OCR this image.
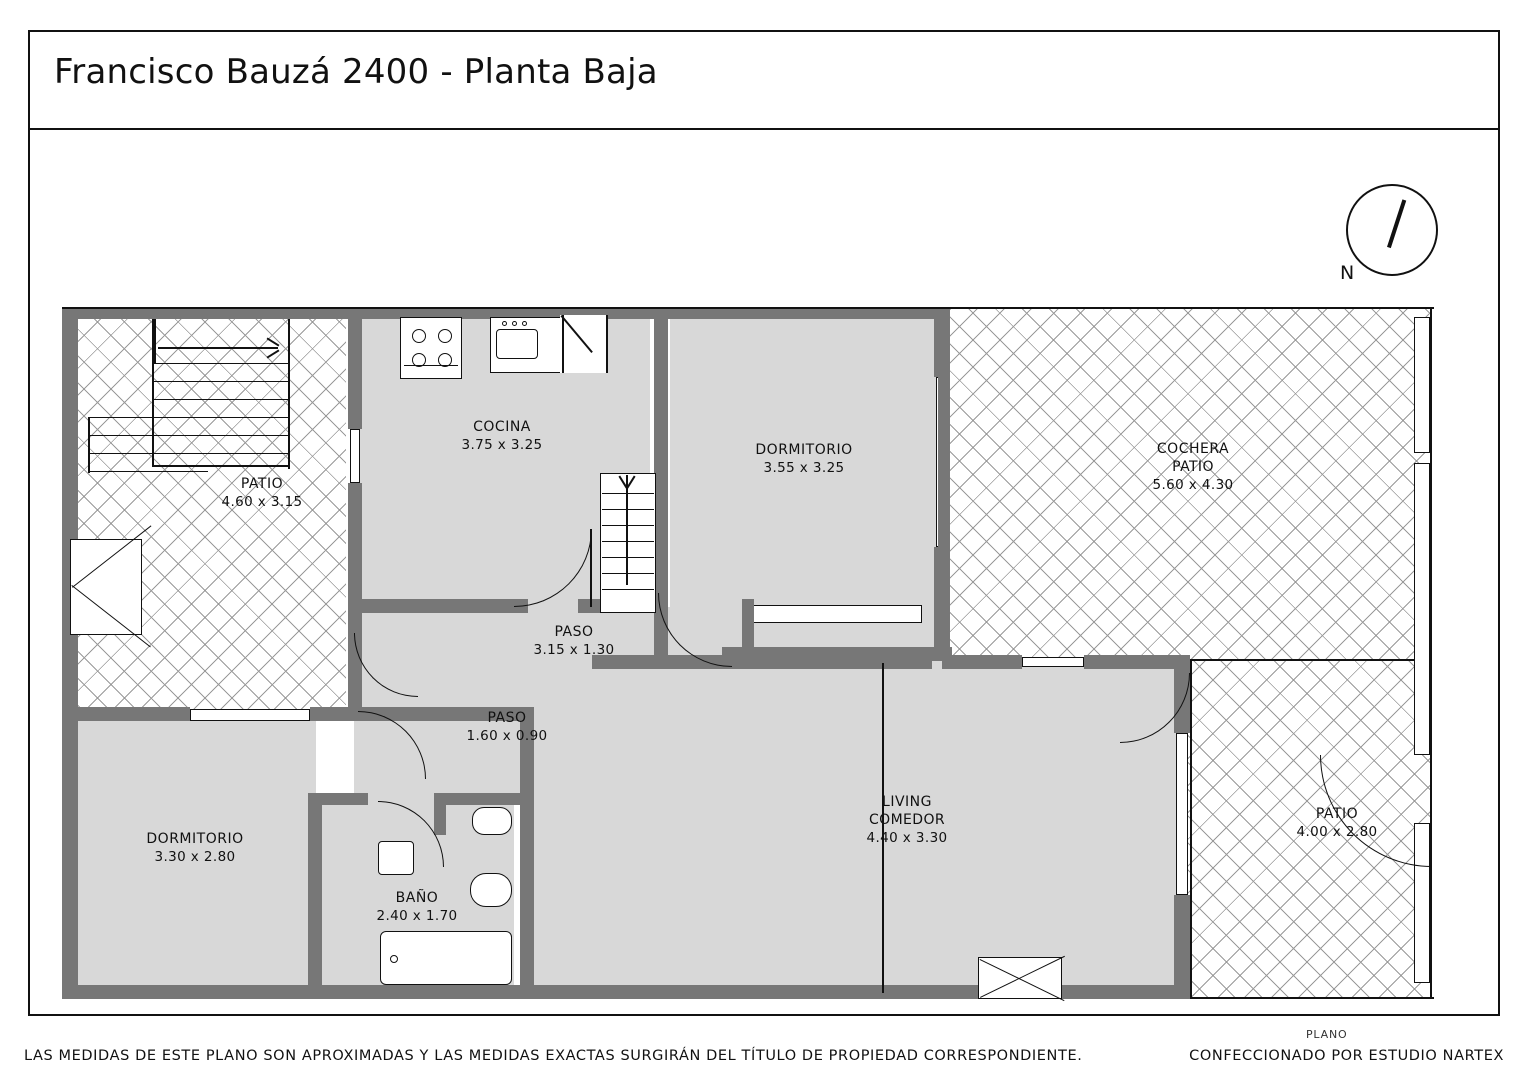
Francisco Bauzá 2400 - Planta Baja
N
PATIO
4.60 x 3.15
COCINA
3.75 x 3.25	DORMITORIO
3.55 x 3.25
COCHERA
PATIO
5.60 x 4.30
PASO
3.15 x 1.30
PASO
1.60 x 0.90
DORMITORIO
3.30 x 2.80
BAÑO
2.40 x 1.70
LIVING
COMEDOR
4.40 x 3.30
PATIO
4.00 x 2.80
PLANO
LAS MEDIDAS DE ESTE PLANO SON APROXIMADAS Y LAS MEDIDAS EXACTAS SURGIRÁN DEL TÍTULO DE PROPIEDAD CORRESPONDIENTE.	CONFECCIONADO POR ESTUDIO NARTEX
